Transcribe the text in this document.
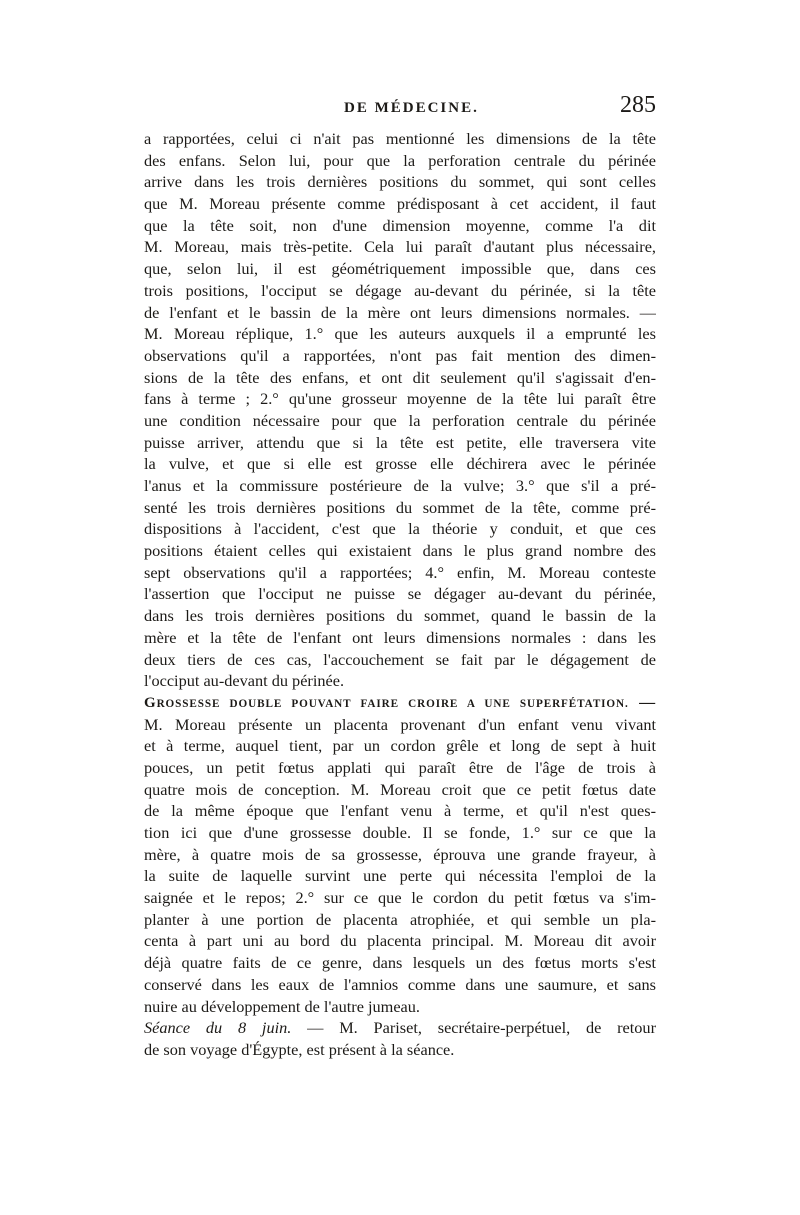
DE MÉDECINE.	285
a rapportées, celui ci n'ait pas mentionné les dimensions de la tête
des enfans. Selon lui, pour que la perforation centrale du périnée
arrive dans les trois dernières positions du sommet, qui sont celles
que M. Moreau présente comme prédisposant à cet accident, il faut
que la tête soit, non d'une dimension moyenne, comme l'a dit
M. Moreau, mais très-petite. Cela lui paraît d'autant plus nécessaire,
que, selon lui, il est géométriquement impossible que, dans ces
trois positions, l'occiput se dégage au-devant du périnée, si la tête
de l'enfant et le bassin de la mère ont leurs dimensions normales. —
M. Moreau réplique, 1.° que les auteurs auxquels il a emprunté les
observations qu'il a rapportées, n'ont pas fait mention des dimen-
sions de la tête des enfans, et ont dit seulement qu'il s'agissait d'en-
fans à terme ; 2.° qu'une grosseur moyenne de la tête lui paraît être
une condition nécessaire pour que la perforation centrale du périnée
puisse arriver, attendu que si la tête est petite, elle traversera vite
la vulve, et que si elle est grosse elle déchirera avec le périnée
l'anus et la commissure postérieure de la vulve; 3.° que s'il a pré-
senté les trois dernières positions du sommet de la tête, comme pré-
dispositions à l'accident, c'est que la théorie y conduit, et que ces
positions étaient celles qui existaient dans le plus grand nombre des
sept observations qu'il a rapportées; 4.° enfin, M. Moreau conteste
l'assertion que l'occiput ne puisse se dégager au-devant du périnée,
dans les trois dernières positions du sommet, quand le bassin de la
mère et la tête de l'enfant ont leurs dimensions normales : dans les
deux tiers de ces cas, l'accouchement se fait par le dégagement de
l'occiput au-devant du périnée.
GROSSESSE DOUBLE POUVANT FAIRE CROIRE A UNE SUPERFÉTATION. —
M. Moreau présente un placenta provenant d'un enfant venu vivant
et à terme, auquel tient, par un cordon grêle et long de sept à huit
pouces, un petit fœtus applati qui paraît être de l'âge de trois à
quatre mois de conception. M. Moreau croit que ce petit fœtus date
de la même époque que l'enfant venu à terme, et qu'il n'est ques-
tion ici que d'une grossesse double. Il se fonde, 1.° sur ce que la
mère, à quatre mois de sa grossesse, éprouva une grande frayeur, à
la suite de laquelle survint une perte qui nécessita l'emploi de la
saignée et le repos; 2.° sur ce que le cordon du petit fœtus va s'im-
planter à une portion de placenta atrophiée, et qui semble un pla-
centa à part uni au bord du placenta principal. M. Moreau dit avoir
déjà quatre faits de ce genre, dans lesquels un des fœtus morts s'est
conservé dans les eaux de l'amnios comme dans une saumure, et sans
nuire au développement de l'autre jumeau.
Séance du 8 juin. — M. Pariset, secrétaire-perpétuel, de retour
de son voyage d'Égypte, est présent à la séance.
